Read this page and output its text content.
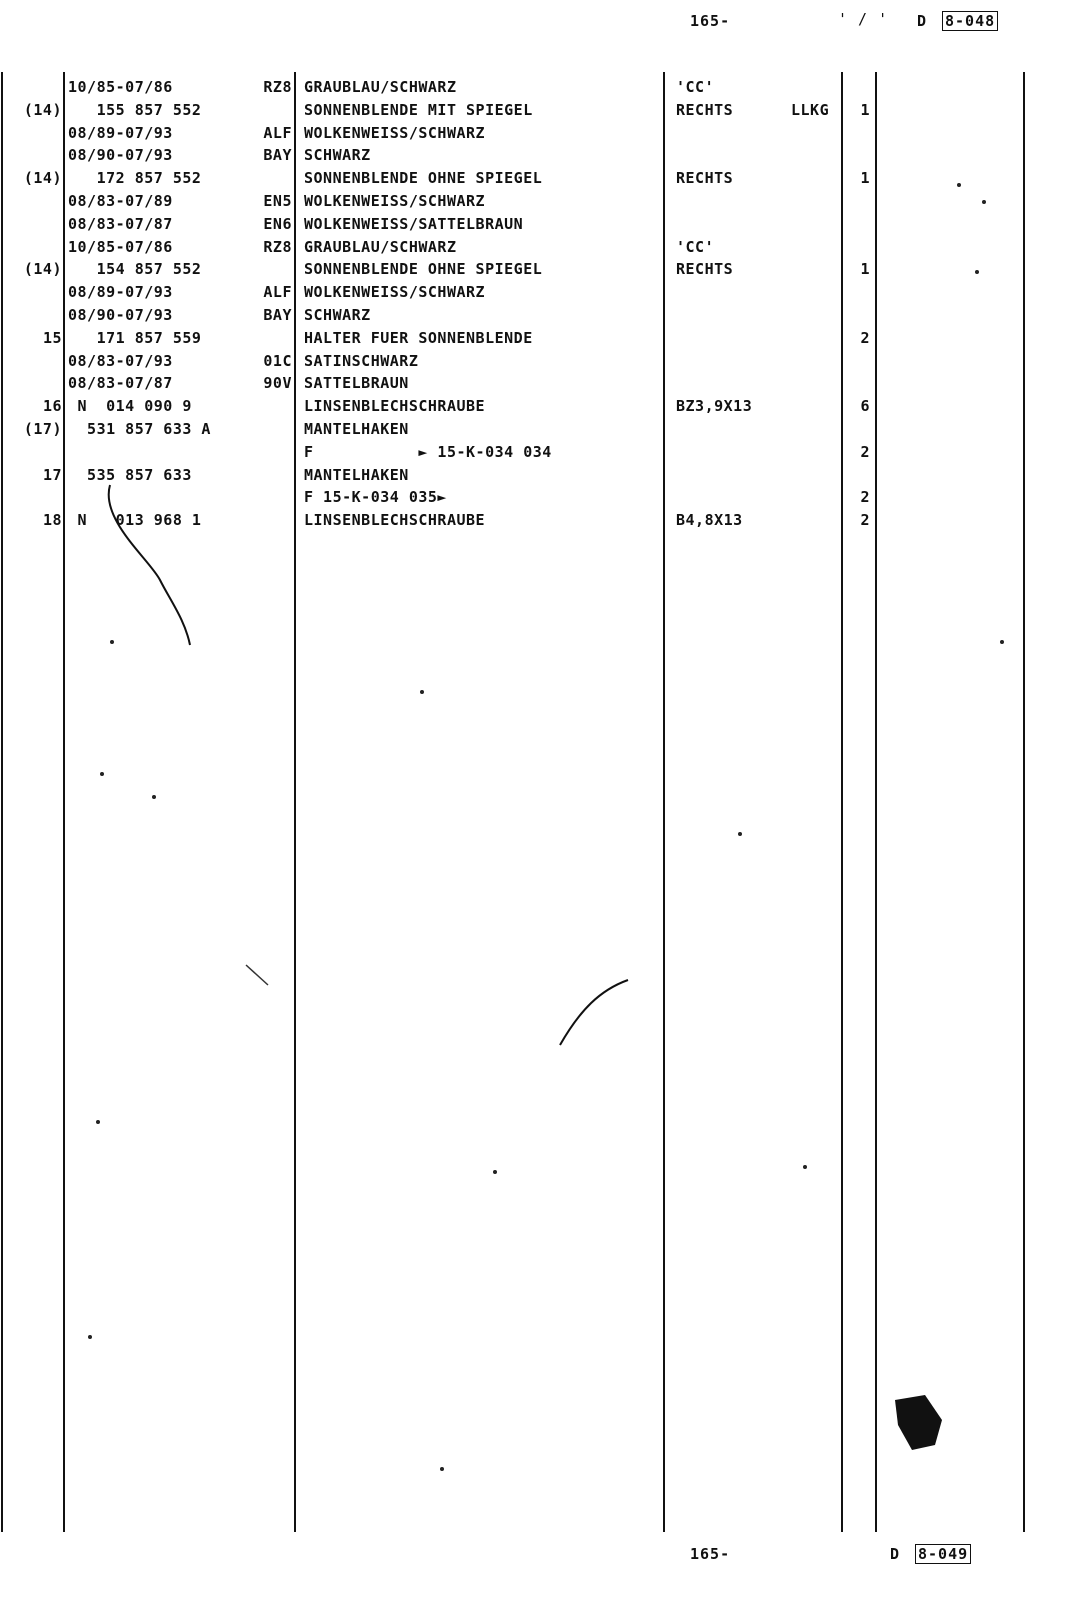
165-	' / ' D 8-048
10/85-07/86	RZ8 GRAUBLAU/SCHWARZ	'CC'
(14) 155 857 552	SONNENBLENDE MIT SPIEGEL	RECHTS	LLKG	1
08/89-07/93	ALF WOLKENWEISS/SCHWARZ
08/90-07/93	BAY SCHWARZ
(14) 172 857 552	SONNENBLENDE OHNE SPIEGEL	RECHTS	1
08/83-07/89	EN5 WOLKENWEISS/SCHWARZ
08/83-07/87	EN6 WOLKENWEISS/SATTELBRAUN
10/85-07/86	RZ8 GRAUBLAU/SCHWARZ	'CC'
(14) 154 857 552	SONNENBLENDE OHNE SPIEGEL	RECHTS	1
08/89-07/93	ALF WOLKENWEISS/SCHWARZ
08/90-07/93	BAY SCHWARZ
15 171 857 559	HALTER FUER SONNENBLENDE	2
08/83-07/93	01C SATINSCHWARZ
08/83-07/87	90V SATTELBRAUN
16 N  014 090 9	LINSENBLECHSCHRAUBE	BZ3,9X13	6
(17) 531 857 633 A	MANTELHAKEN
F           ► 15-K-034 034	2
17 535 857 633	MANTELHAKEN
F 15-K-034 035►	2
18 N   013 968 1	LINSENBLECHSCHRAUBE	B4,8X13	2
165-	D 8-049
